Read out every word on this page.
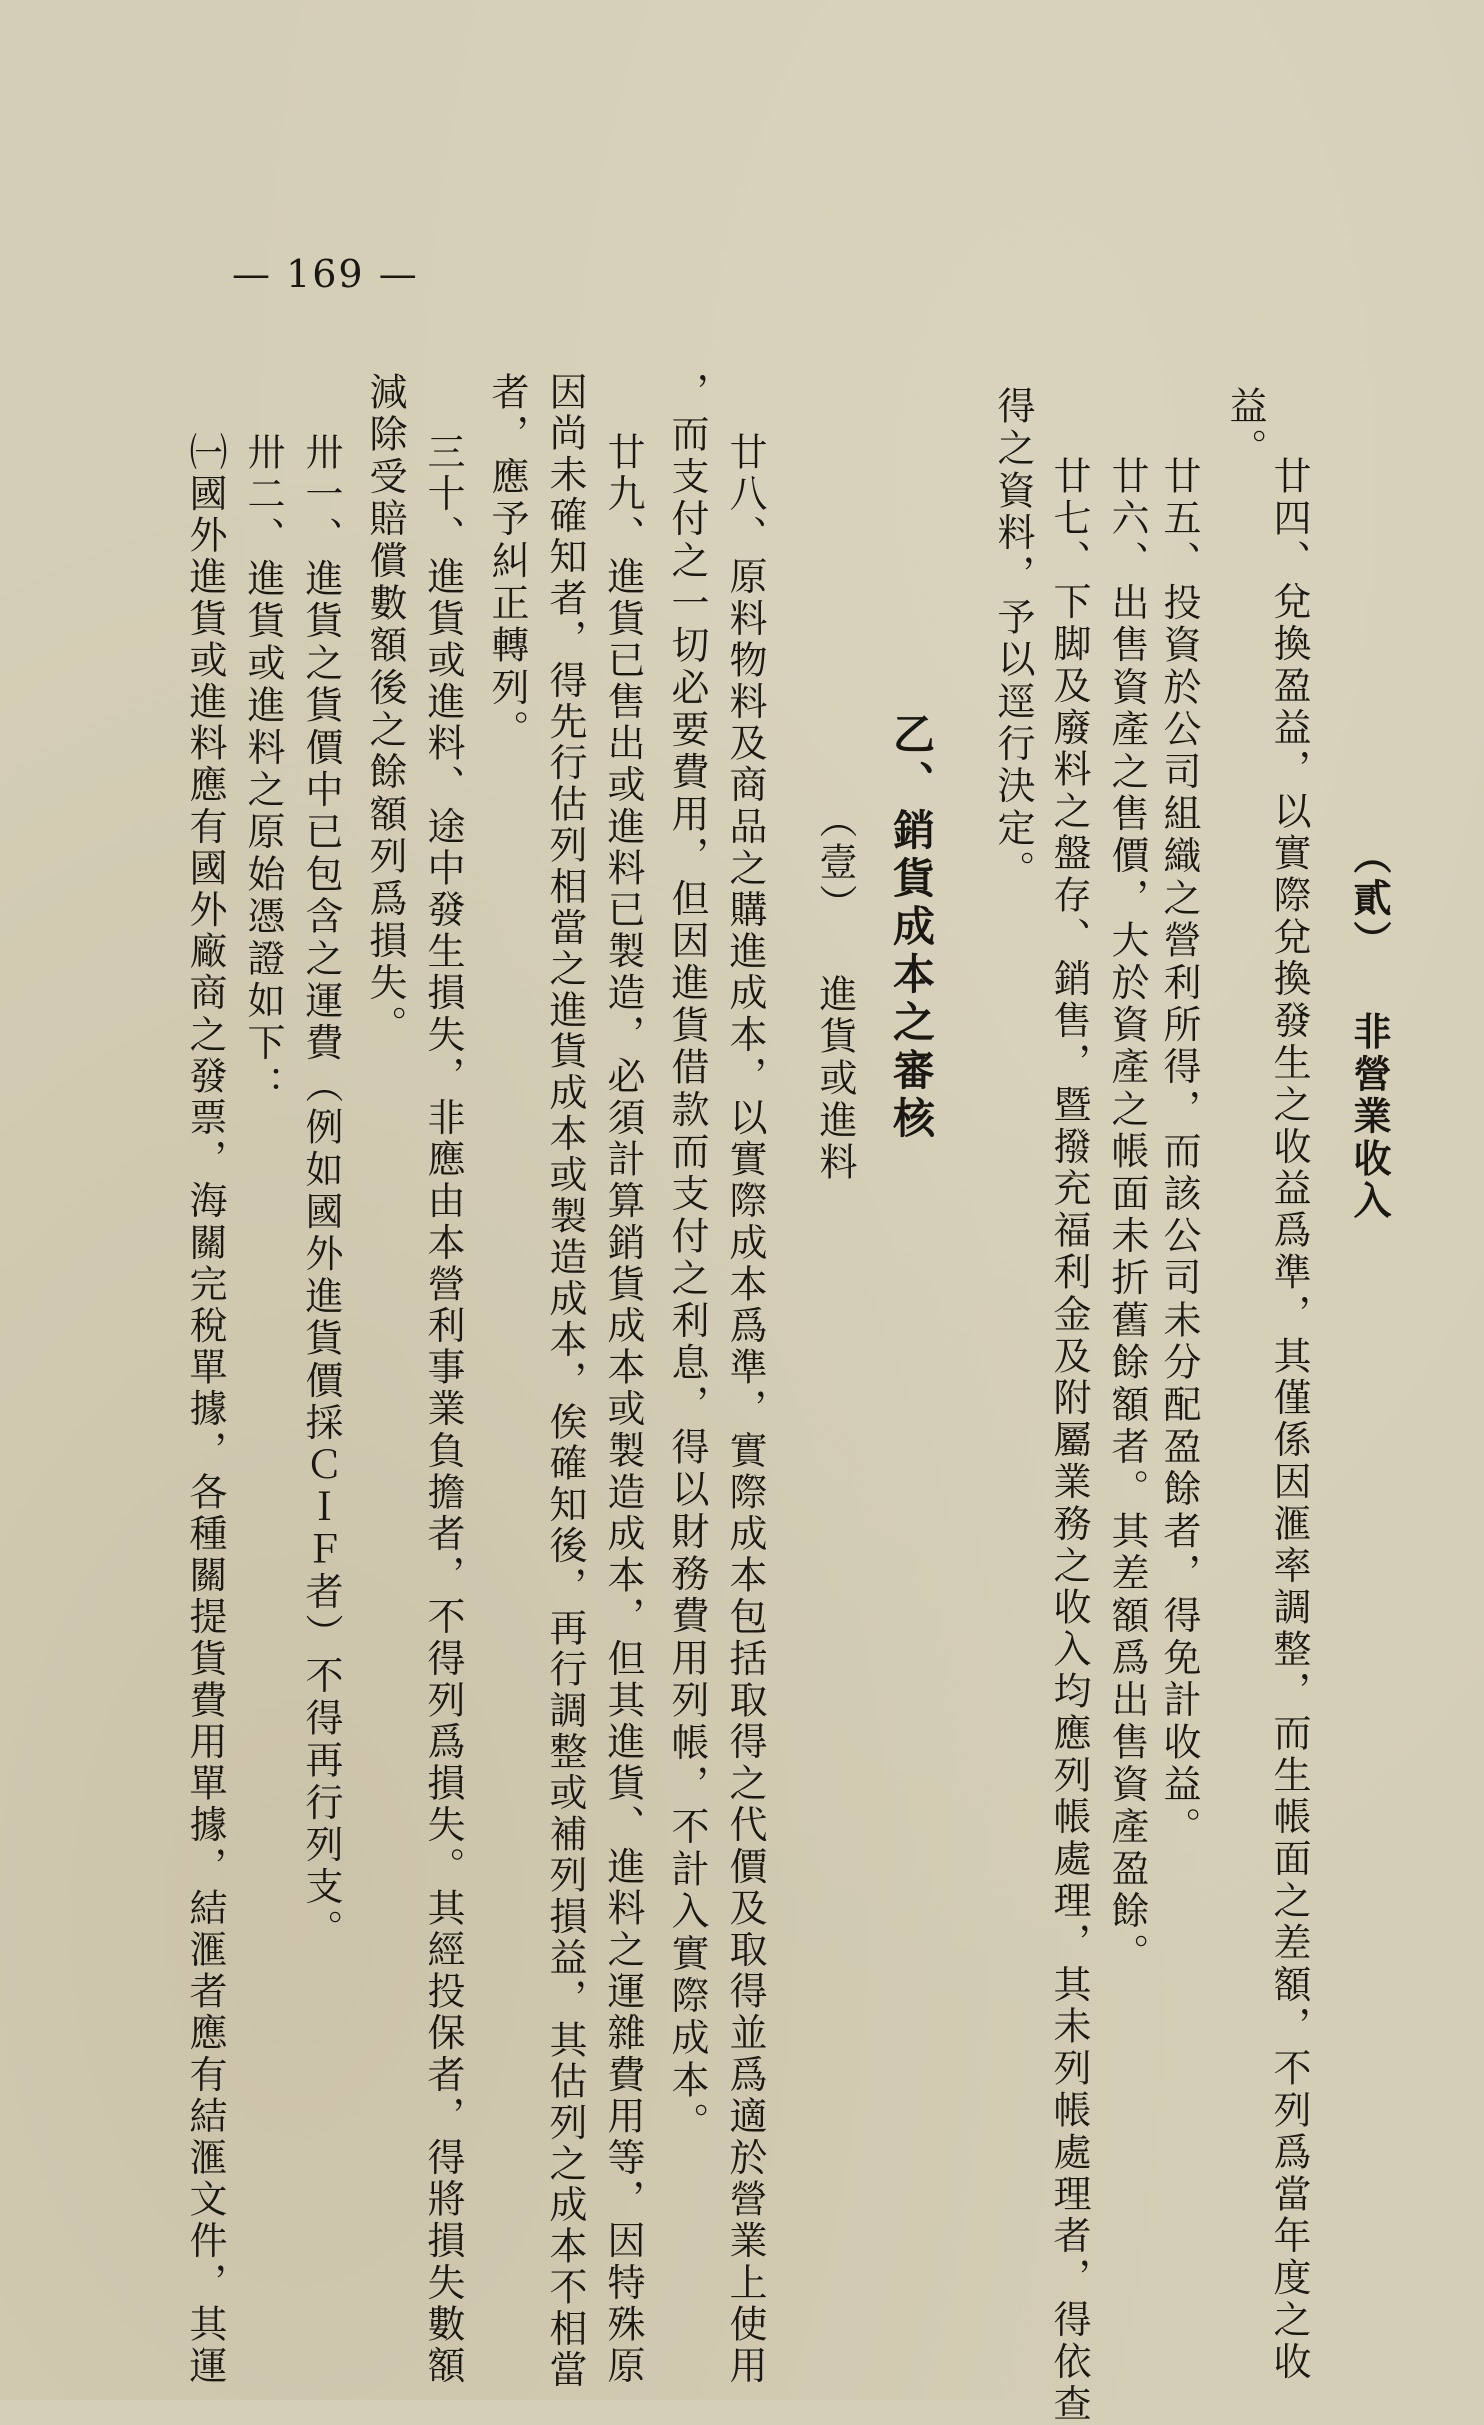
— 169 —
（貳） 非營業收入
廿四、兌換盈益，以實際兌換發生之收益爲準，其僅係因滙率調整，而生帳面之差額，不列爲當年度之收
益。
廿五、投資於公司組織之營利所得，而該公司未分配盈餘者，得免計收益。
廿六、出售資產之售價，大於資產之帳面未折舊餘額者。其差額爲出售資產盈餘。
廿七、下脚及廢料之盤存、銷售，暨撥充福利金及附屬業務之收入均應列帳處理，其未列帳處理者，得依查
得之資料，予以逕行決定。
乙、銷貨成本之審核
（壹） 進貨或進料
廿八、原料物料及商品之購進成本，以實際成本爲準，實際成本包括取得之代價及取得並爲適於營業上使用
，而支付之一切必要費用，但因進貨借款而支付之利息，得以財務費用列帳，不計入實際成本。
廿九、進貨已售出或進料已製造，必須計算銷貨成本或製造成本，但其進貨、進料之運雜費用等，因特殊原
因尚未確知者，得先行估列相當之進貨成本或製造成本，俟確知後，再行調整或補列損益，其估列之成本不相當
者，應予糾正轉列。
三十、進貨或進料、途中發生損失，非應由本營利事業負擔者，不得列爲損失。其經投保者，得將損失數額
減除受賠償數額後之餘額列爲損失。
卅一、進貨之貨價中已包含之運費（例如國外進貨價採ＣＩＦ者）不得再行列支。
卅二、進貨或進料之原始憑證如下：
㈠國外進貨或進料應有國外廠商之發票，海關完稅單據，各種關提貨費用單據，結滙者應有結滙文件，其運
